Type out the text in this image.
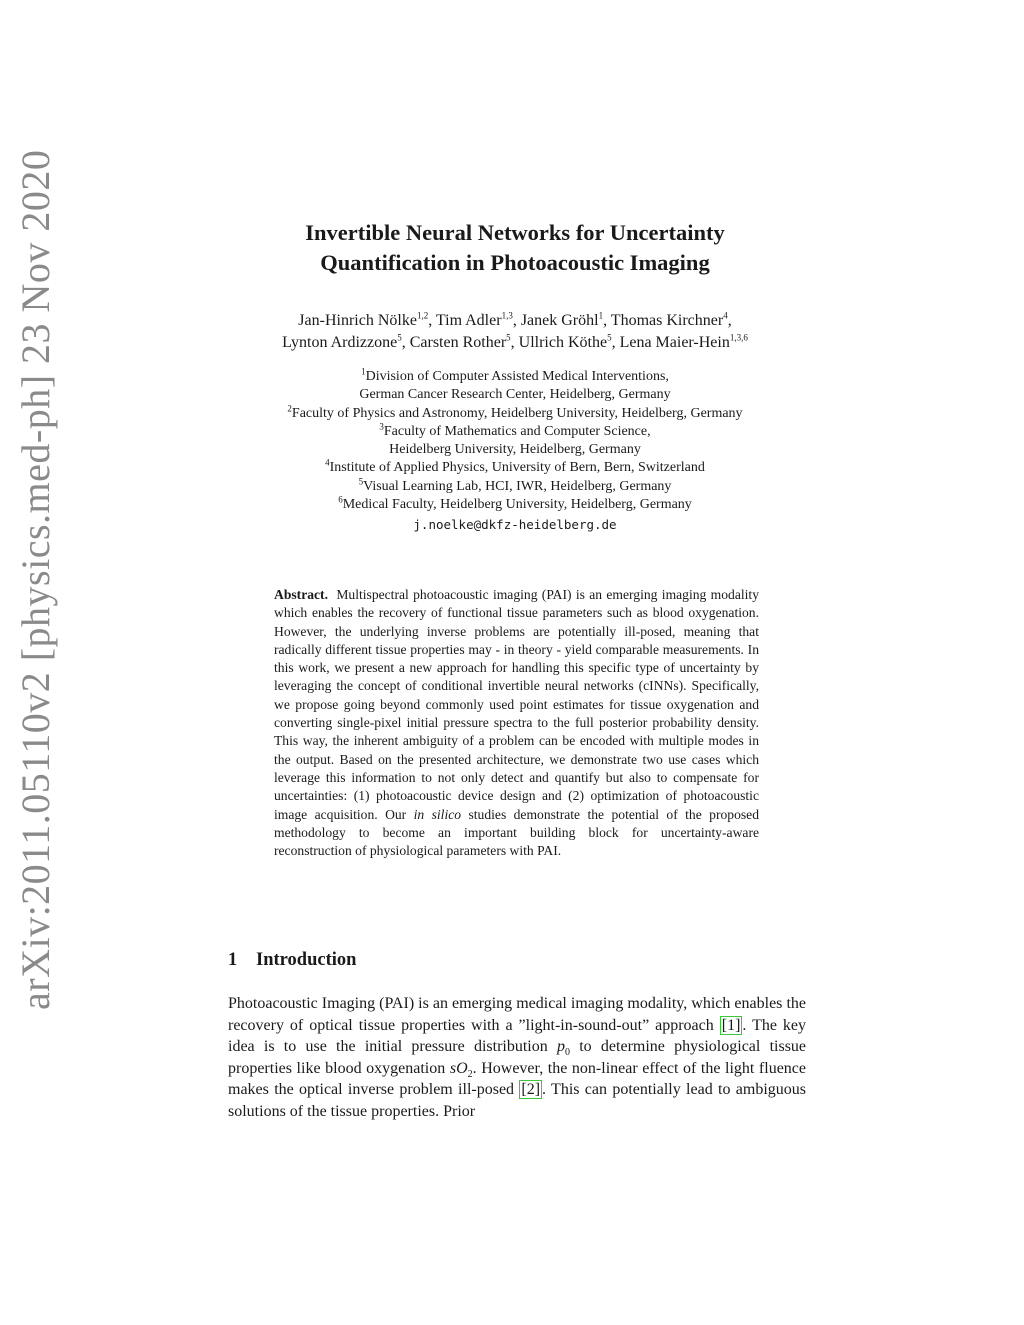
arXiv:2011.05110v2 [physics.med-ph] 23 Nov 2020	Invertible Neural Networks for Uncertainty
Quantification in Photoacoustic Imaging
Jan-Hinrich Nölke$^{1,2}$, Tim Adler$^{1,3}$, Janek Gröhl$^1$, Thomas Kirchner$^4$,
Lynton Ardizzone$^5$, Carsten Rother$^5$, Ullrich Köthe$^5$, Lena Maier-Hein$^{1,3,6}$
$^1$Division of Computer Assisted Medical Interventions,
German Cancer Research Center, Heidelberg, Germany
$^2$Faculty of Physics and Astronomy, Heidelberg University, Heidelberg, Germany
$^3$Faculty of Mathematics and Computer Science,
Heidelberg University, Heidelberg, Germany
$^4$Institute of Applied Physics, University of Bern, Bern, Switzerland
$^5$Visual Learning Lab, HCI, IWR, Heidelberg, Germany
$^6$Medical Faculty, Heidelberg University, Heidelberg, Germany
j.noelke@dkfz-heidelberg.de
Abstract. Multispectral photoacoustic imaging (PAI) is an emerging imaging modality which enables the recovery of functional tissue parameters such as blood oxygenation. However, the underlying inverse problems are potentially ill-posed, meaning that radically different tissue properties may - in theory - yield comparable measurements. In this work, we present a new approach for handling this specific type of uncertainty by leveraging the concept of conditional invertible neural networks (cINNs). Specifically, we propose going beyond commonly used point estimates for tissue oxygenation and converting single-pixel initial pressure spectra to the full posterior probability density. This way, the inherent ambiguity of a problem can be encoded with multiple modes in the output. Based on the presented architecture, we demonstrate two use cases which leverage this information to not only detect and quantify but also to compensate for uncertainties: (1) photoacoustic device design and (2) optimization of photoacoustic image acquisition. Our in silico studies demonstrate the potential of the proposed methodology to become an important building block for uncertainty-aware reconstruction of physiological parameters with PAI.
1 Introduction
Photoacoustic Imaging (PAI) is an emerging medical imaging modality, which enables the recovery of optical tissue properties with a ”light-in-sound-out” approach [1] . The key idea is to use the initial pressure distribution $p_0$ to determine physiological tissue properties like blood oxygenation $sO_2$. However, the non-linear effect of the light fluence makes the optical inverse problem ill-posed [2] . This can potentially lead to ambiguous solutions of the tissue properties. Prior
